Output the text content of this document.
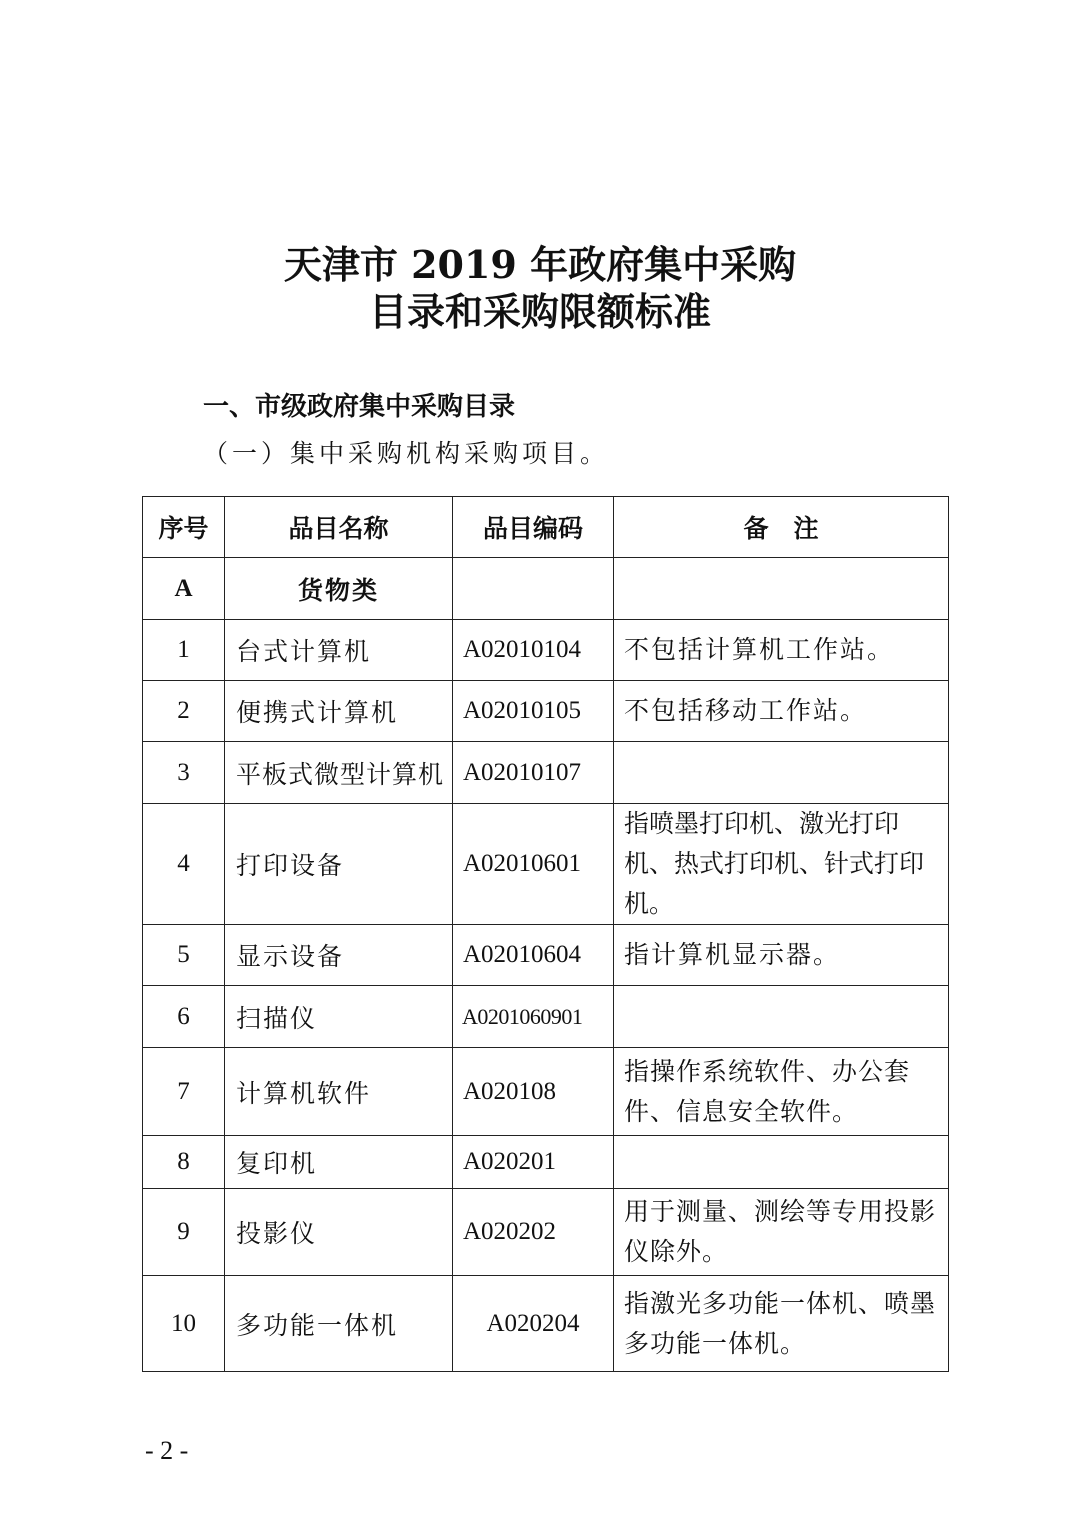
天津市 2019 年政府集中采购
目录和采购限额标准
一、市级政府集中采购目录
（一）集中采购机构采购项目。
序号	品目名称	品目编码	备　注
A	货物类		
1	台式计算机	A02010104	不包括计算机工作站。
2	便携式计算机	A02010105	不包括移动工作站。
3	平板式微型计算机	A02010107	
4	打印设备	A02010601	指喷墨打印机、激光打印机、热式打印机、针式打印机。
5	显示设备	A02010604	指计算机显示器。
6	扫描仪	A0201060901	
7	计算机软件	A020108	指操作系统软件、办公套件、信息安全软件。
8	复印机	A020201	
9	投影仪	A020202	用于测量、测绘等专用投影仪除外。
10	多功能一体机	A020204	指激光多功能一体机、喷墨多功能一体机。
- 2 -
